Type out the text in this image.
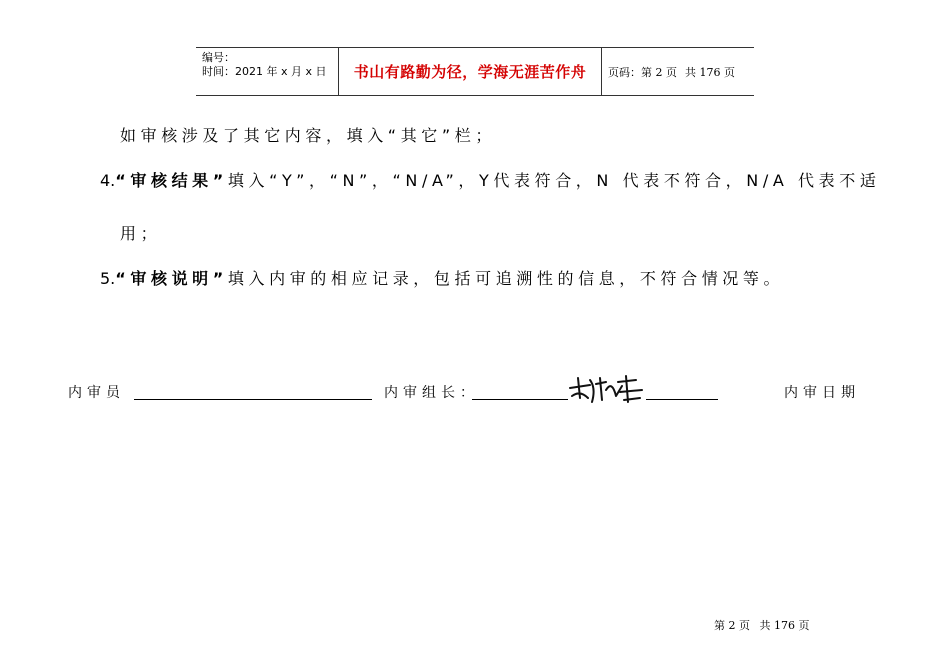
编号：
时间：2021 年 x 月 x 日	书山有路勤为径，学海无涯苦作舟	页码：第 2 页 共 176 页
如审核涉及了其它内容，填入“其它”栏；
4.“审核结果”填入“Y”，“N”，“N/A”，Y代表符合，N 代表不符合，N/A 代表不适
用；
5.“审核说明”填入内审的相应记录，包括可追溯性的信息，不符合情况等。
内审员	内审组长：	内审日期
第 2 页 共 176 页
